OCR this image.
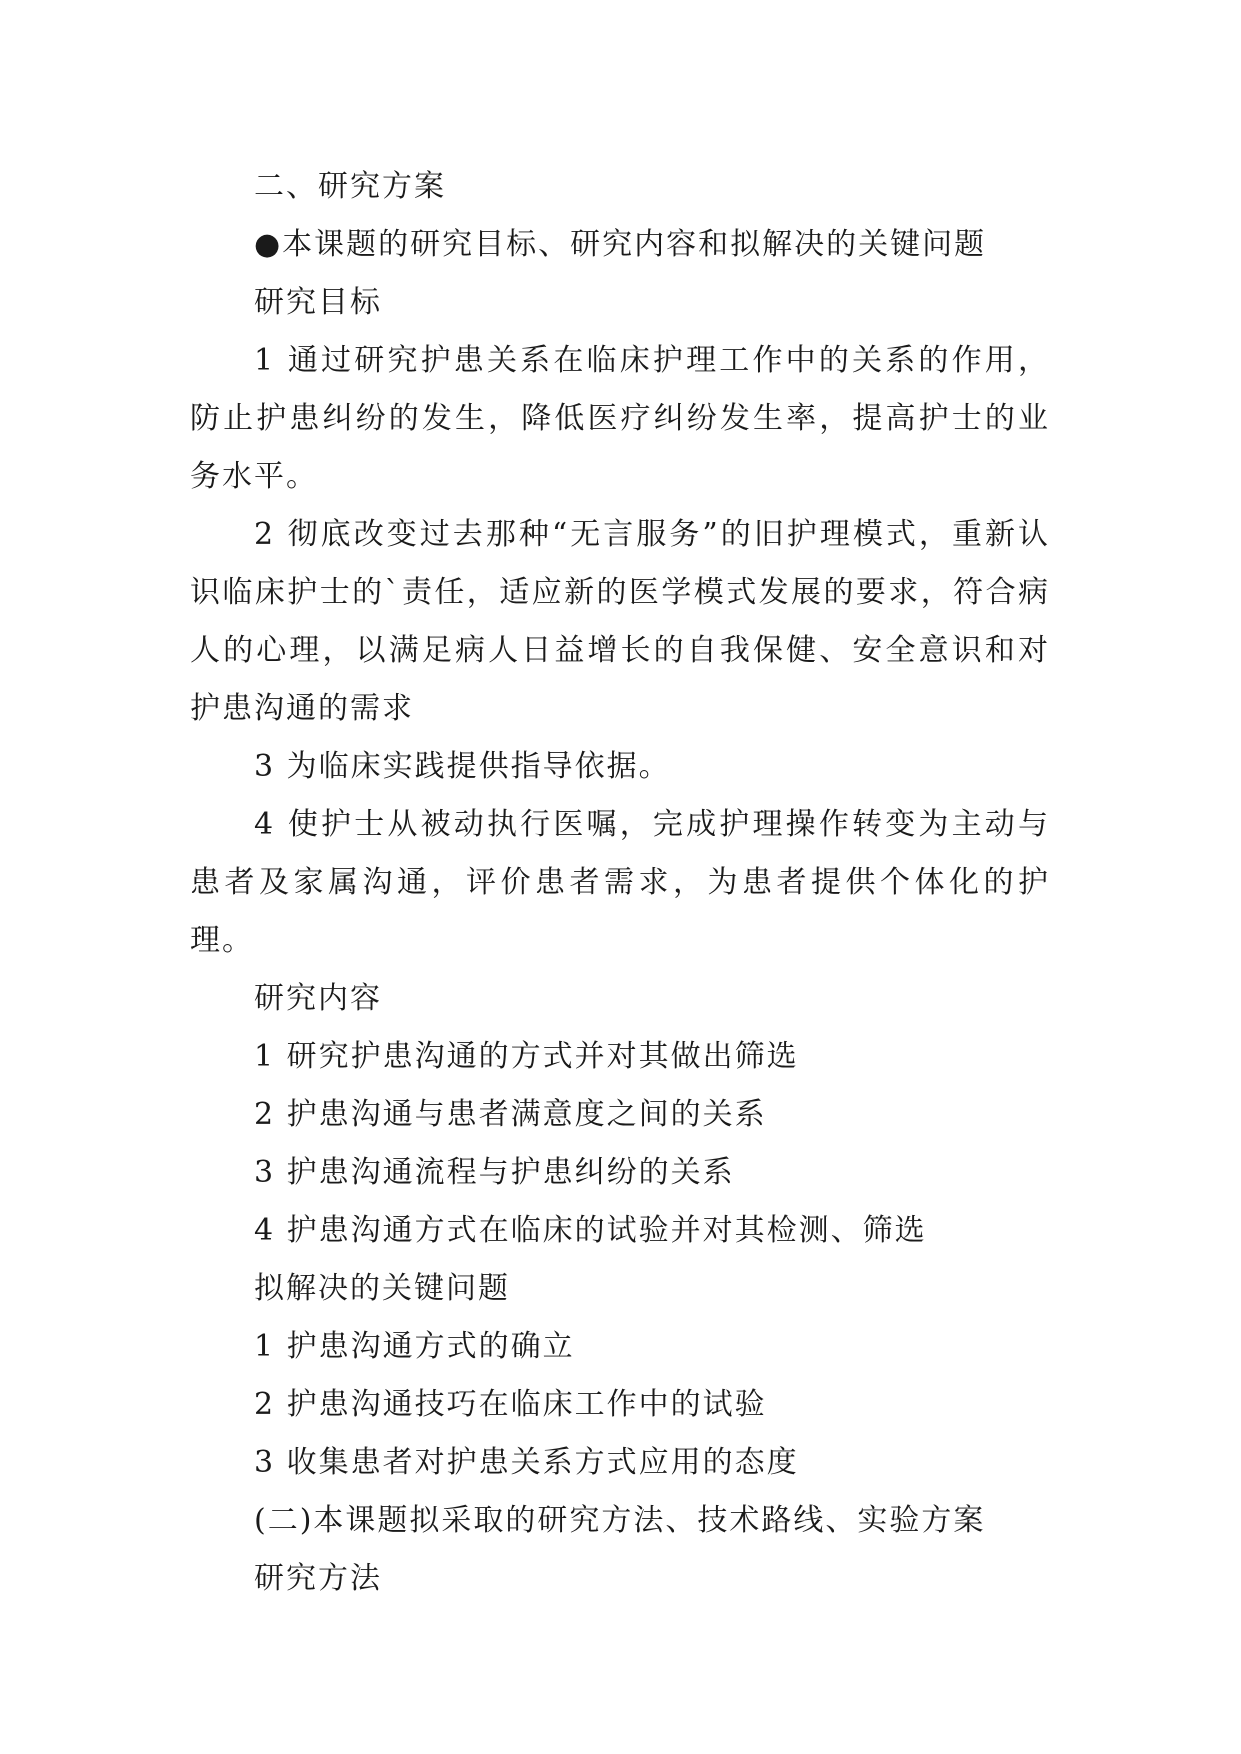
二、研究方案
●本课题的研究目标、研究内容和拟解决的关键问题
研究目标

1 通过研究护患关系在临床护理工作中的关系的作用，防止护患纠纷的发生，降低医疗纠纷发生率，提高护士的业务水平。

2 彻底改变过去那种“无言服务”的旧护理模式，重新认识临床护士的`责任，适应新的医学模式发展的要求，符合病人的心理，以满足病人日益增长的自我保健、安全意识和对护患沟通的需求

3 为临床实践提供指导依据。

4 使护士从被动执行医嘱，完成护理操作转变为主动与患者及家属沟通，评价患者需求，为患者提供个体化的护理。

研究内容
1 研究护患沟通的方式并对其做出筛选
2 护患沟通与患者满意度之间的关系
3 护患沟通流程与护患纠纷的关系
4 护患沟通方式在临床的试验并对其检测、筛选
拟解决的关键问题
1 护患沟通方式的确立
2 护患沟通技巧在临床工作中的试验
3 收集患者对护患关系方式应用的态度
(二)本课题拟采取的研究方法、技术路线、实验方案
研究方法
